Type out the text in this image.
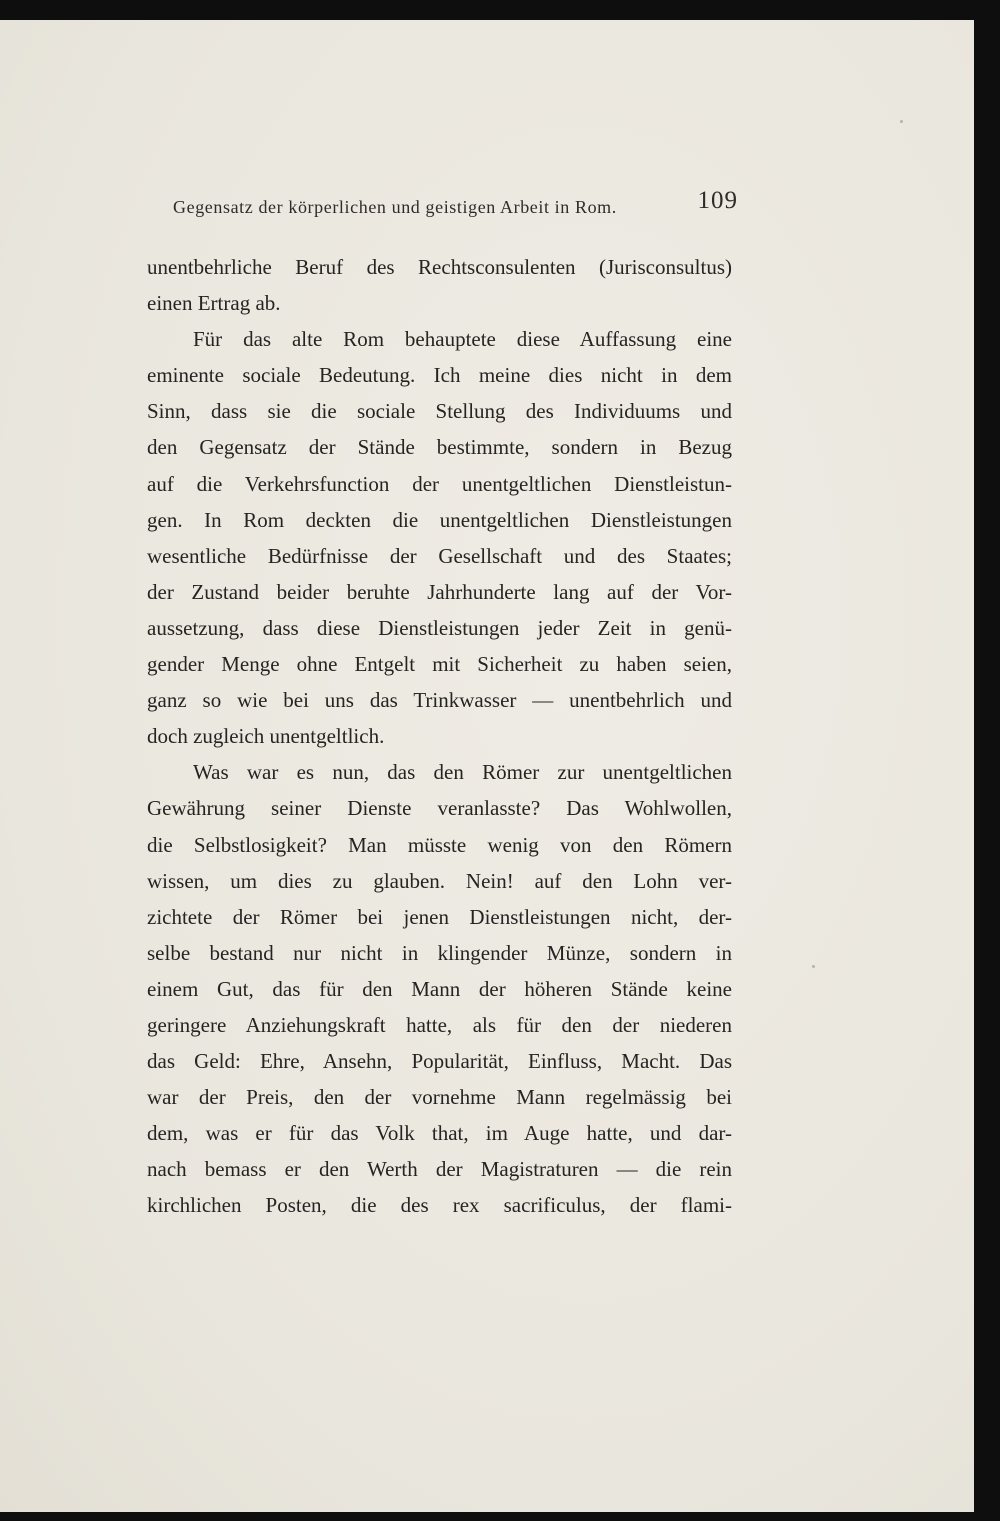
Gegensatz der körperlichen und geistigen Arbeit in Rom.	109
unentbehrliche Beruf des Rechtsconsulenten (Jurisconsultus)
einen Ertrag ab.
Für das alte Rom behauptete diese Auffassung eine
eminente sociale Bedeutung. Ich meine dies nicht in dem
Sinn, dass sie die sociale Stellung des Individuums und
den Gegensatz der Stände bestimmte, sondern in Bezug
auf die Verkehrsfunction der unentgeltlichen Dienstleistun-
gen. In Rom deckten die unentgeltlichen Dienstleistungen
wesentliche Bedürfnisse der Gesellschaft und des Staates;
der Zustand beider beruhte Jahrhunderte lang auf der Vor-
aussetzung, dass diese Dienstleistungen jeder Zeit in genü-
gender Menge ohne Entgelt mit Sicherheit zu haben seien,
ganz so wie bei uns das Trinkwasser — unentbehrlich und
doch zugleich unentgeltlich.
Was war es nun, das den Römer zur unentgeltlichen
Gewährung seiner Dienste veranlasste? Das Wohlwollen,
die Selbstlosigkeit? Man müsste wenig von den Römern
wissen, um dies zu glauben. Nein! auf den Lohn ver-
zichtete der Römer bei jenen Dienstleistungen nicht, der-
selbe bestand nur nicht in klingender Münze, sondern in
einem Gut, das für den Mann der höheren Stände keine
geringere Anziehungskraft hatte, als für den der niederen
das Geld: Ehre, Ansehn, Popularität, Einfluss, Macht. Das
war der Preis, den der vornehme Mann regelmässig bei
dem, was er für das Volk that, im Auge hatte, und dar-
nach bemass er den Werth der Magistraturen — die rein
kirchlichen Posten, die des rex sacrificulus, der flami-
